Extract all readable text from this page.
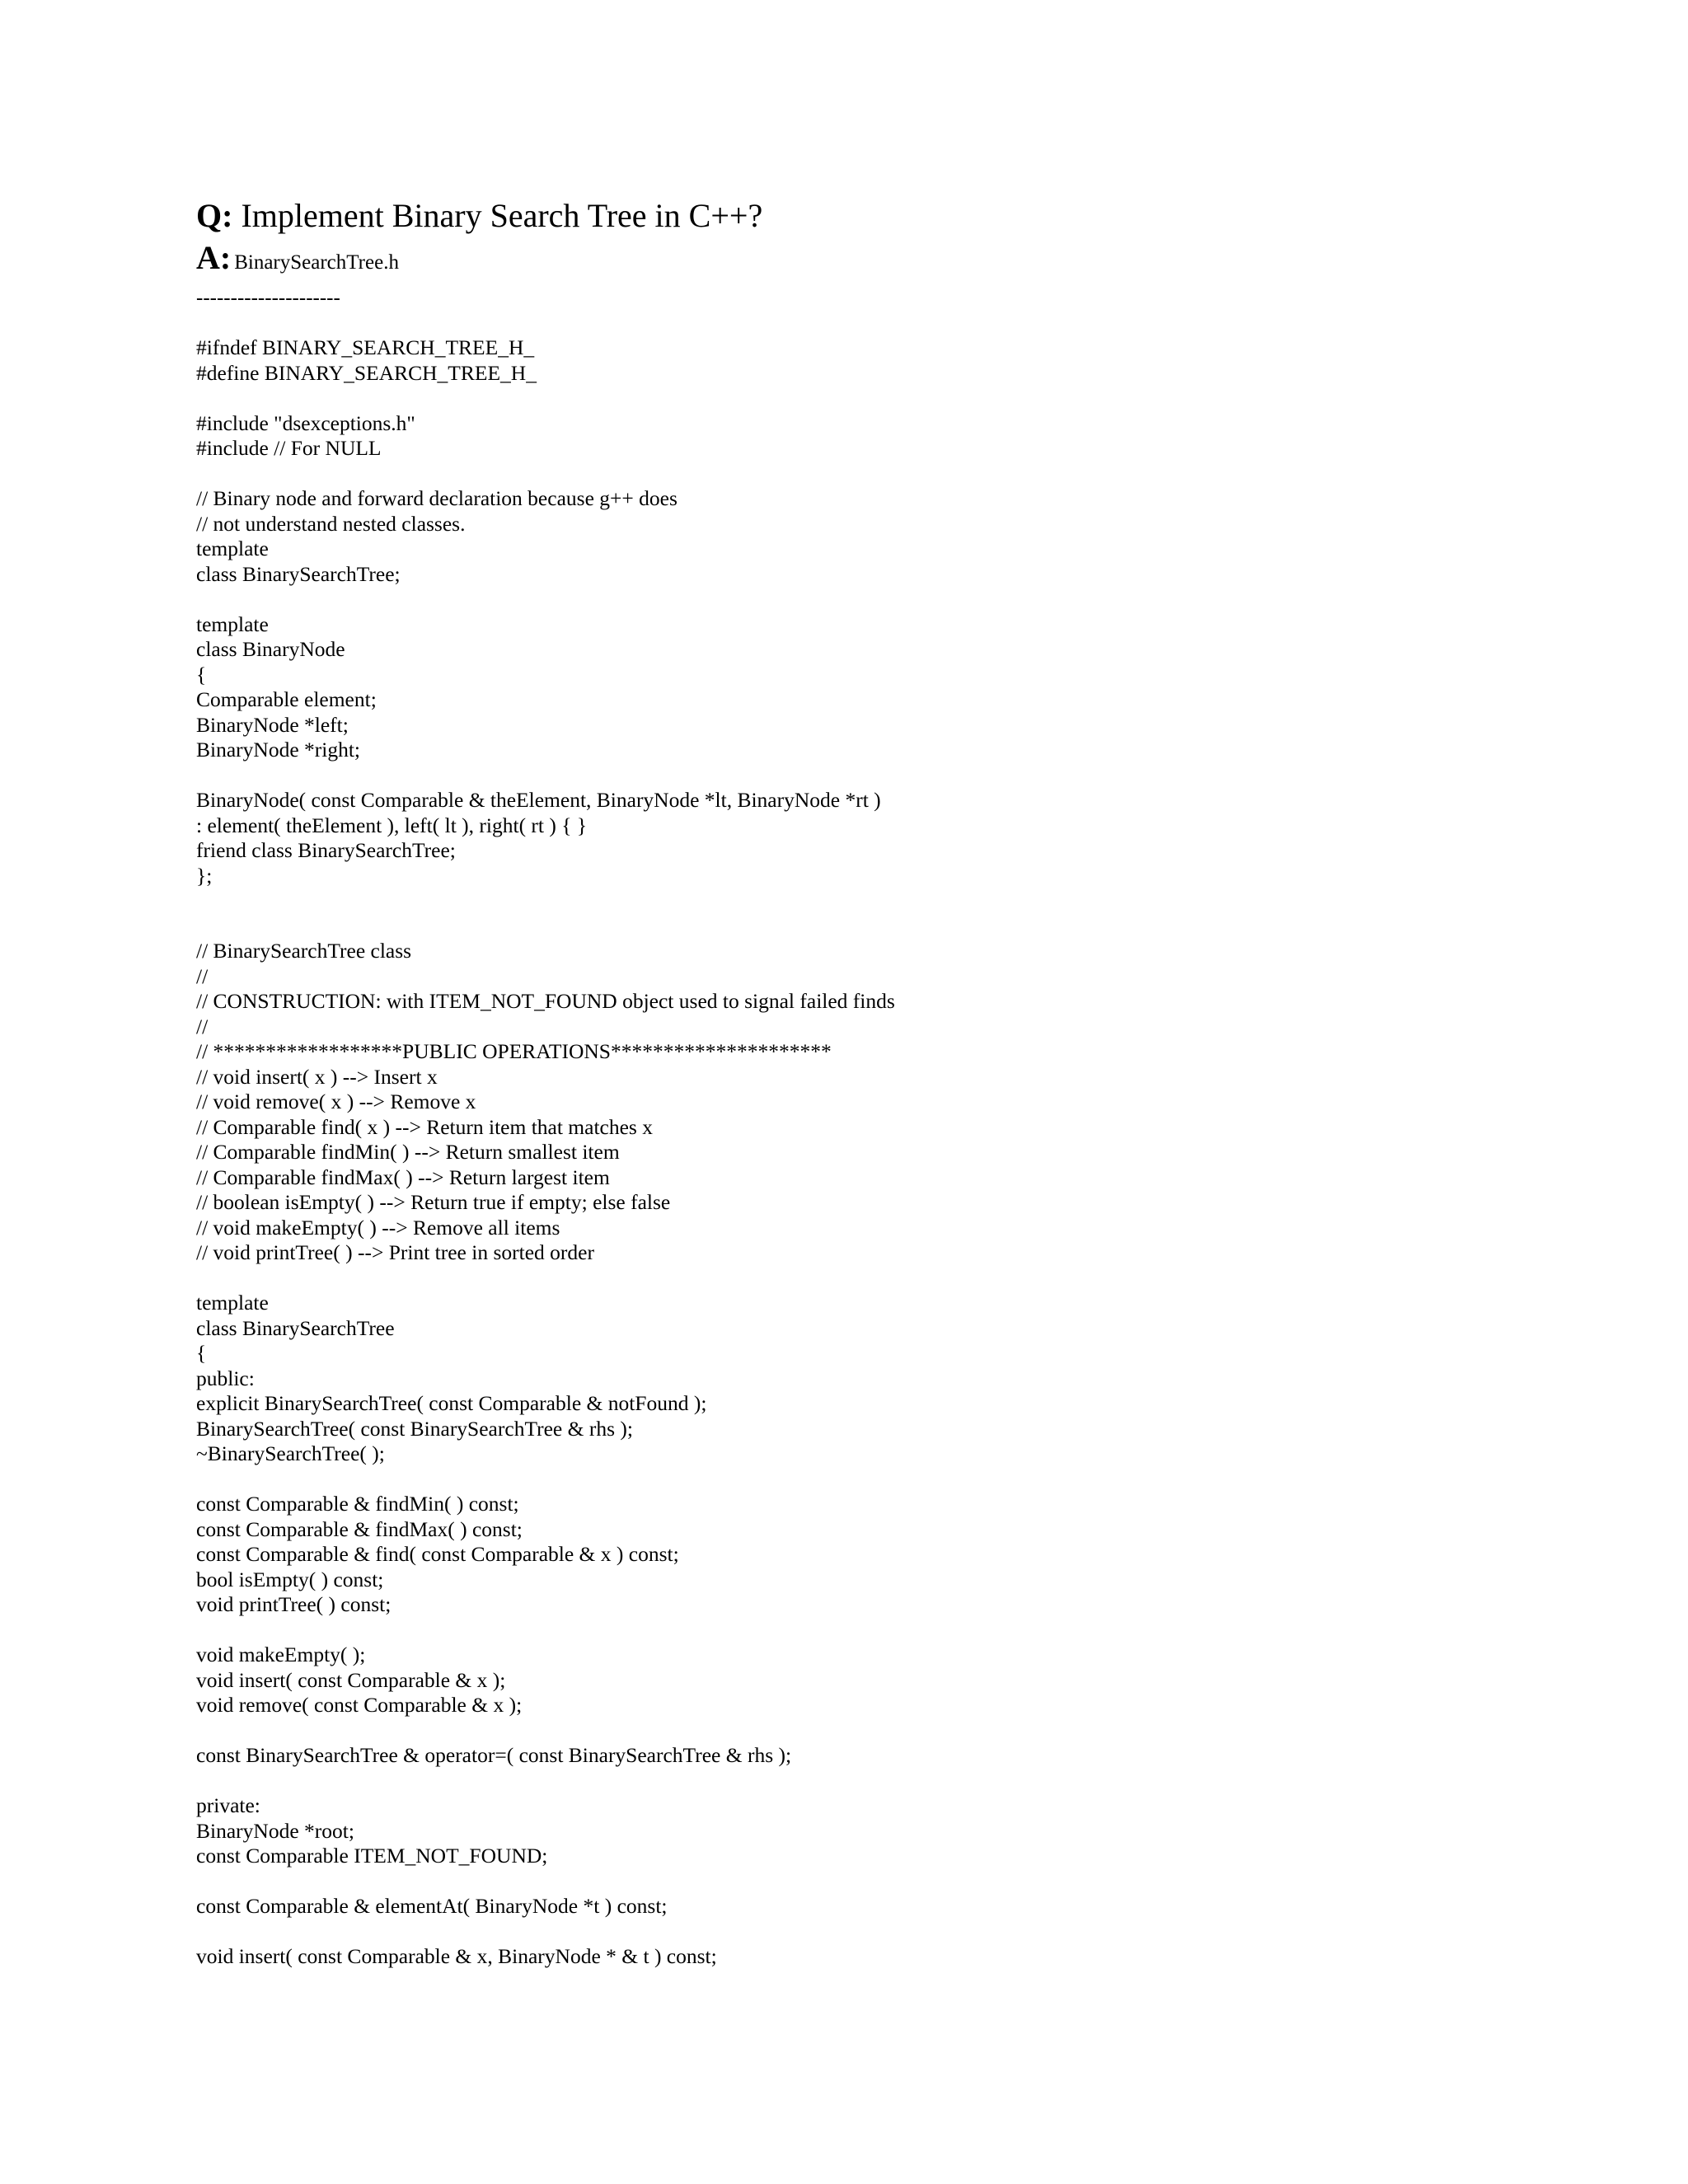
Q: Implement Binary Search Tree in C++?

A: BinarySearchTree.h

---------------------

#ifndef BINARY_SEARCH_TREE_H_
#define BINARY_SEARCH_TREE_H_
#include "dsexceptions.h"
#include // For NULL
// Binary node and forward declaration because g++ does
// not understand nested classes.
template
class BinarySearchTree;
template
class BinaryNode
{
Comparable element;
BinaryNode *left;
BinaryNode *right;
BinaryNode( const Comparable & theElement, BinaryNode *lt, BinaryNode *rt )
: element( theElement ), left( lt ), right( rt ) { }
friend class BinarySearchTree;
};
// BinarySearchTree class
//
// CONSTRUCTION: with ITEM_NOT_FOUND object used to signal failed finds
//
// ******************PUBLIC OPERATIONS*********************
// void insert( x ) --> Insert x
// void remove( x ) --> Remove x
// Comparable find( x ) --> Return item that matches x
// Comparable findMin( ) --> Return smallest item
// Comparable findMax( ) --> Return largest item
// boolean isEmpty( ) --> Return true if empty; else false
// void makeEmpty( ) --> Remove all items
// void printTree( ) --> Print tree in sorted order
template
class BinarySearchTree
{
public:
explicit BinarySearchTree( const Comparable & notFound );
BinarySearchTree( const BinarySearchTree & rhs );
~BinarySearchTree( );
const Comparable & findMin( ) const;
const Comparable & findMax( ) const;
const Comparable & find( const Comparable & x ) const;
bool isEmpty( ) const;
void printTree( ) const;
void makeEmpty( );
void insert( const Comparable & x );
void remove( const Comparable & x );
const BinarySearchTree & operator=( const BinarySearchTree & rhs );
private:
BinaryNode *root;
const Comparable ITEM_NOT_FOUND;
const Comparable & elementAt( BinaryNode *t ) const;
void insert( const Comparable & x, BinaryNode * & t ) const;
